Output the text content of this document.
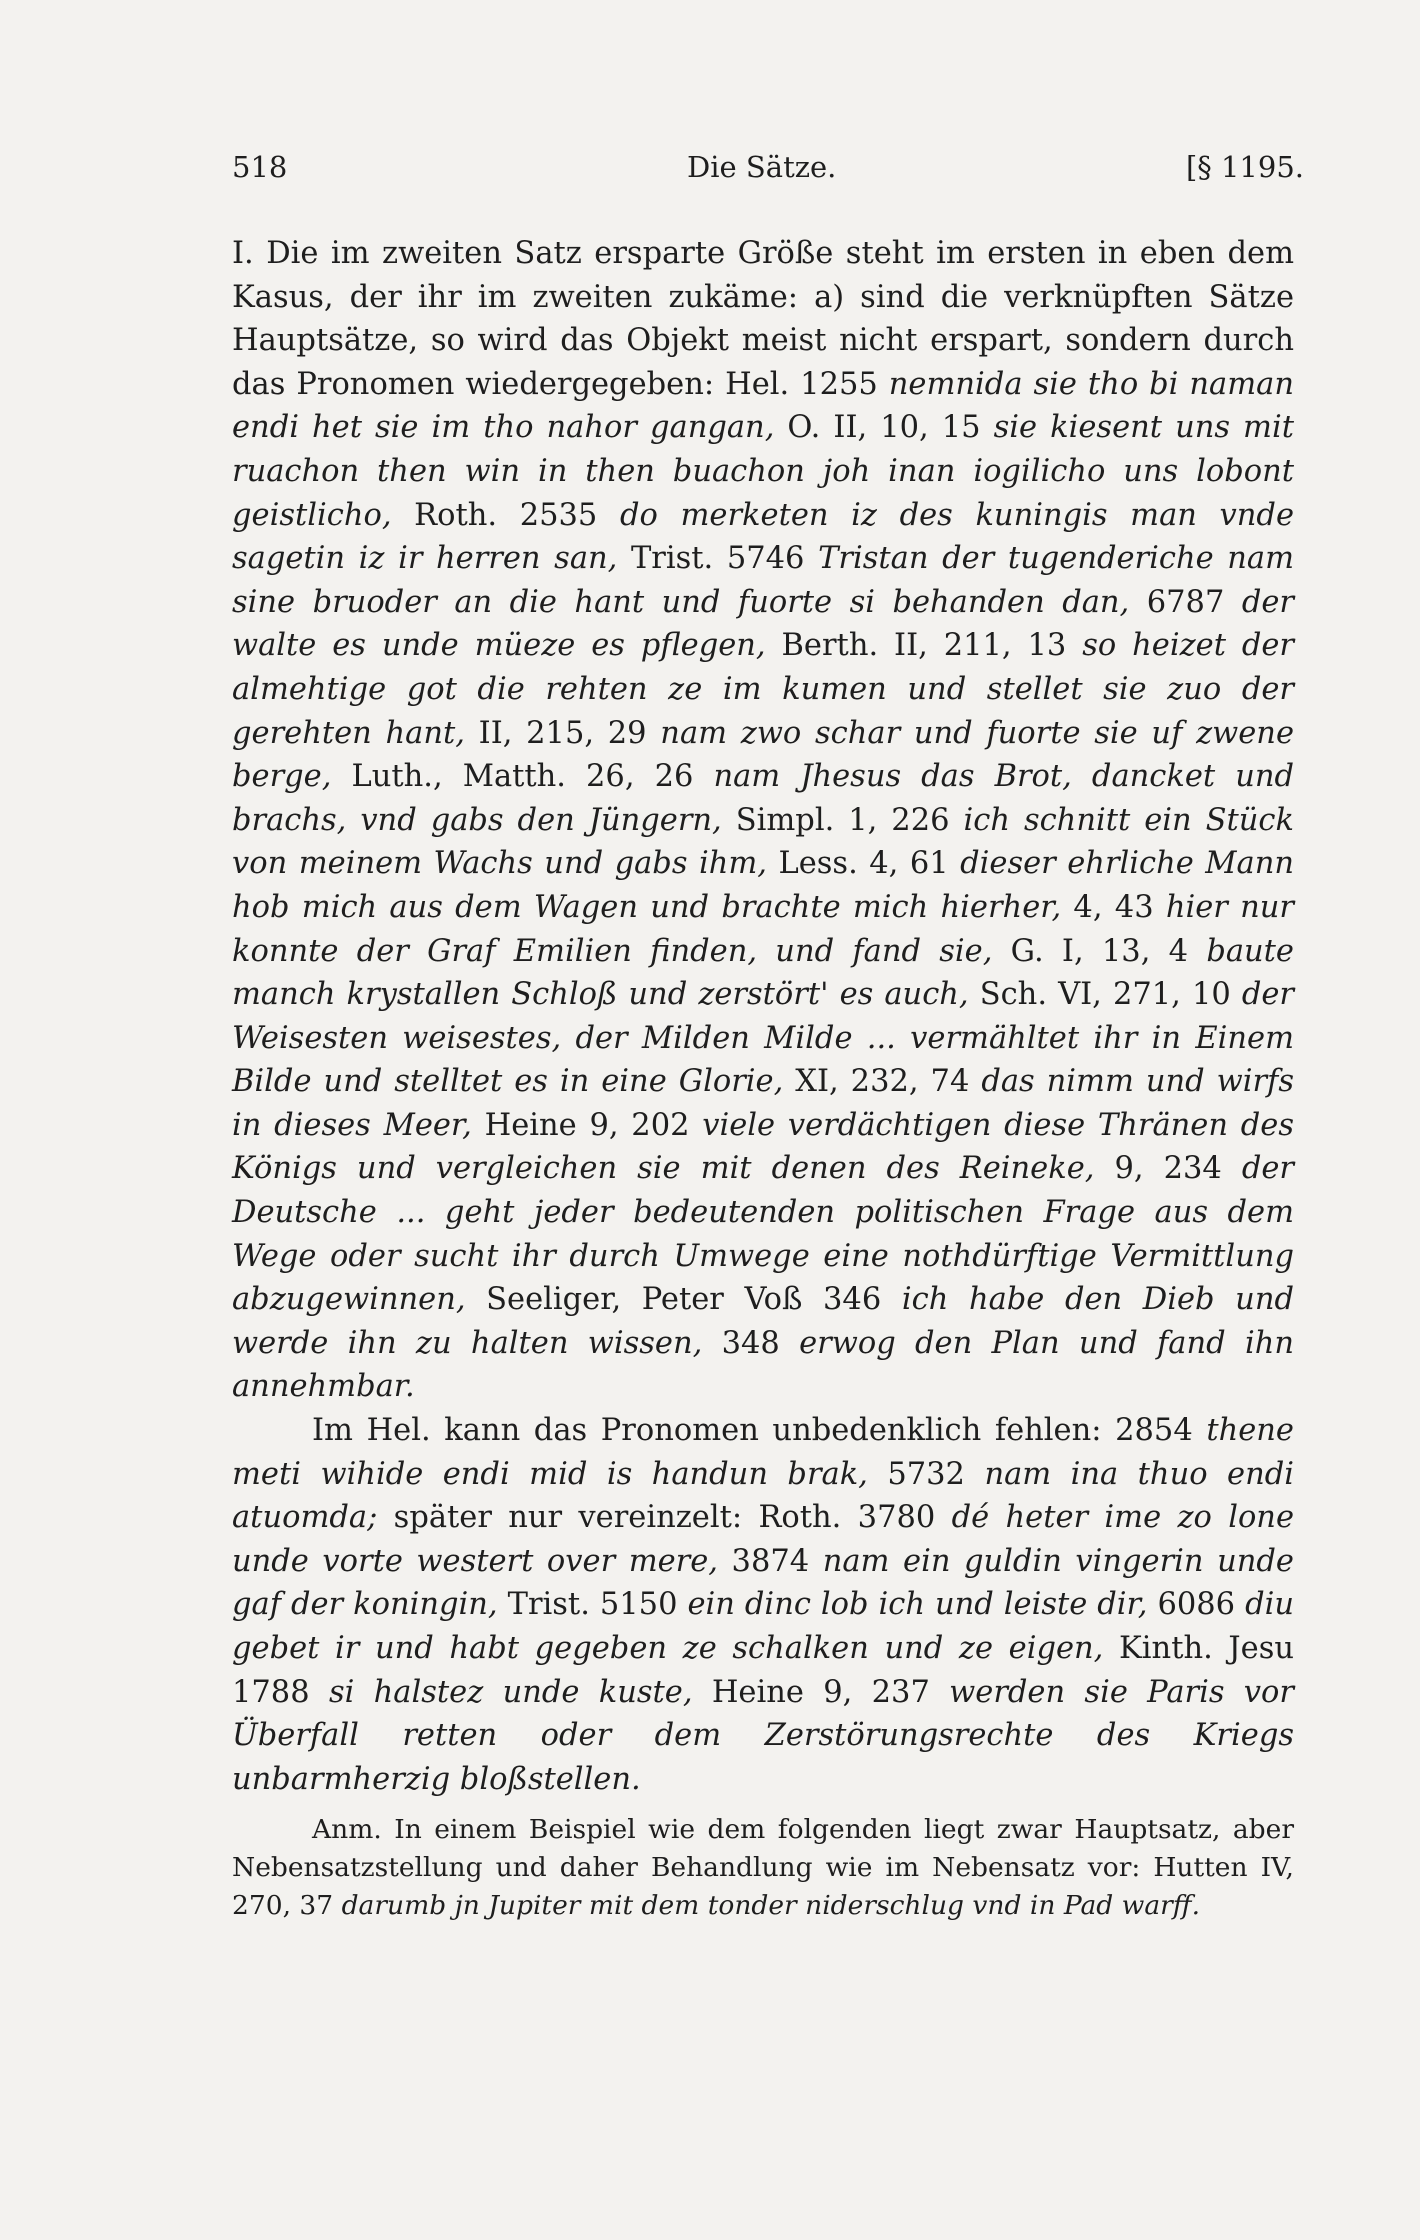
518	Die Sätze.	[§ 1195.

I. Die im zweiten Satz ersparte Größe steht im ersten in eben dem Kasus, der ihr im zweiten zukäme: a) sind die verknüpften Sätze Hauptsätze, so wird das Objekt meist nicht erspart, sondern durch das Pronomen wiedergegeben: Hel. 1255 nemnida sie tho bi naman endi het sie im tho nahor gangan, O. II, 10, 15 sie kiesent uns mit ruachon then win in then buachon joh inan iogilicho uns lobont geistlicho, Roth. 2535 do merketen iz des kuningis man vnde sagetin iz ir herren san, Trist. 5746 Tristan der tugenderiche nam sine bruoder an die hant und fuorte si behanden dan, 6787 der walte es unde müeze es pflegen, Berth. II, 211, 13 so heizet der almehtige got die rehten ze im kumen und stellet sie zuo der gerehten hant, II, 215, 29 nam zwo schar und fuorte sie uf zwene berge, Luth., Matth. 26, 26 nam Jhesus das Brot, dancket und brachs, vnd gabs den Jüngern, Simpl. 1, 226 ich schnitt ein Stück von meinem Wachs und gabs ihm, Less. 4, 61 dieser ehrliche Mann hob mich aus dem Wagen und brachte mich hierher, 4, 43 hier nur konnte der Graf Emilien finden, und fand sie, G. I, 13, 4 baute manch krystallen Schloß und zerstört' es auch, Sch. VI, 271, 10 der Weisesten weisestes, der Milden Milde ... vermähltet ihr in Einem Bilde und stelltet es in eine Glorie, XI, 232, 74 das nimm und wirfs in dieses Meer, Heine 9, 202 viele verdächtigen diese Thränen des Königs und vergleichen sie mit denen des Reineke, 9, 234 der Deutsche ... geht jeder bedeutenden politischen Frage aus dem Wege oder sucht ihr durch Umwege eine nothdürftige Vermittlung abzugewinnen, Seeliger, Peter Voß 346 ich habe den Dieb und werde ihn zu halten wissen, 348 erwog den Plan und fand ihn annehmbar.

Im Hel. kann das Pronomen unbedenklich fehlen: 2854 thene meti wihide endi mid is handun brak, 5732 nam ina thuo endi atuomda; später nur vereinzelt: Roth. 3780 dé heter ime zo lone unde vorte westert over mere, 3874 nam ein guldin vingerin unde gaf der koningin, Trist. 5150 ein dinc lob ich und leiste dir, 6086 diu gebet ir und habt gegeben ze schalken und ze eigen, Kinth. Jesu 1788 si halstez unde kuste, Heine 9, 237 werden sie Paris vor Überfall retten oder dem Zerstörungsrechte des Kriegs unbarmherzig bloßstellen.

Anm. In einem Beispiel wie dem folgenden liegt zwar Hauptsatz, aber Nebensatzstellung und daher Behandlung wie im Nebensatz vor: Hutten IV, 270, 37 darumb jn Jupiter mit dem tonder niderschlug vnd in Pad warff.
